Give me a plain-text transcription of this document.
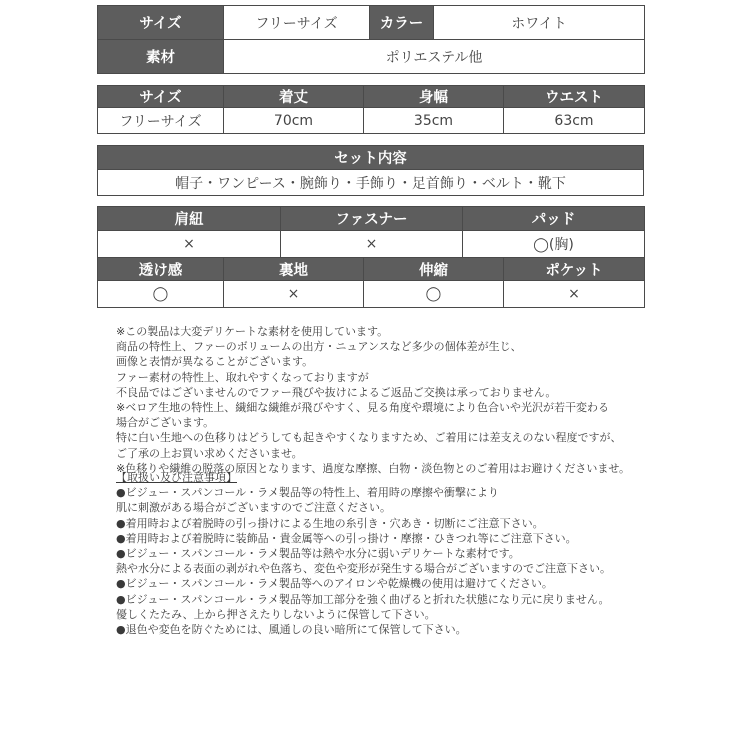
サイズ	フリーサイズ	カラー	ホワイト
素材	ポリエステル他		
サイズ	着丈	身幅	ウエスト
フリーサイズ	70cm	35cm	63cm
セット内容
帽子・ワンピース・腕飾り・手飾り・足首飾り・ベルト・靴下
肩紐	ファスナー	パッド
×	×	◯(胸)
透け感	裏地	伸縮	ポケット
◯	×	◯	×
※この製品は大変デリケートな素材を使用しています。
商品の特性上、ファーのボリュームの出方・ニュアンスなど多少の個体差が生じ、
画像と表情が異なることがございます。
ファー素材の特性上、取れやすくなっておりますが
不良品ではございませんのでファー飛びや抜けによるご返品ご交換は承っておりません。
※ベロア生地の特性上、繊細な繊維が飛びやすく、見る角度や環境により色合いや光沢が若干変わる
場合がございます。
特に白い生地への色移りはどうしても起きやすくなりますため、ご着用には差支えのない程度ですが、
ご了承の上お買い求めくださいませ。
※色移りや繊維の脱落の原因となります、過度な摩擦、白物・淡色物とのご着用はお避けくださいませ。
【取扱い及び注意事項】
●ビジュー・スパンコール・ラメ製品等の特性上、着用時の摩擦や衝撃により
肌に刺激がある場合がございますのでご注意ください。
●着用時および着脱時の引っ掛けによる生地の糸引き・穴あき・切断にご注意下さい。
●着用時および着脱時に装飾品・貴金属等への引っ掛け・摩擦・ひきつれ等にご注意下さい。
●ビジュー・スパンコール・ラメ製品等は熱や水分に弱いデリケートな素材です。
熱や水分による表面の剥がれや色落ち、変色や変形が発生する場合がございますのでご注意下さい。
●ビジュー・スパンコール・ラメ製品等へのアイロンや乾燥機の使用は避けてください。
●ビジュー・スパンコール・ラメ製品等加工部分を強く曲げると折れた状態になり元に戻りません。
優しくたたみ、上から押さえたりしないように保管して下さい。
●退色や変色を防ぐためには、風通しの良い暗所にて保管して下さい。
